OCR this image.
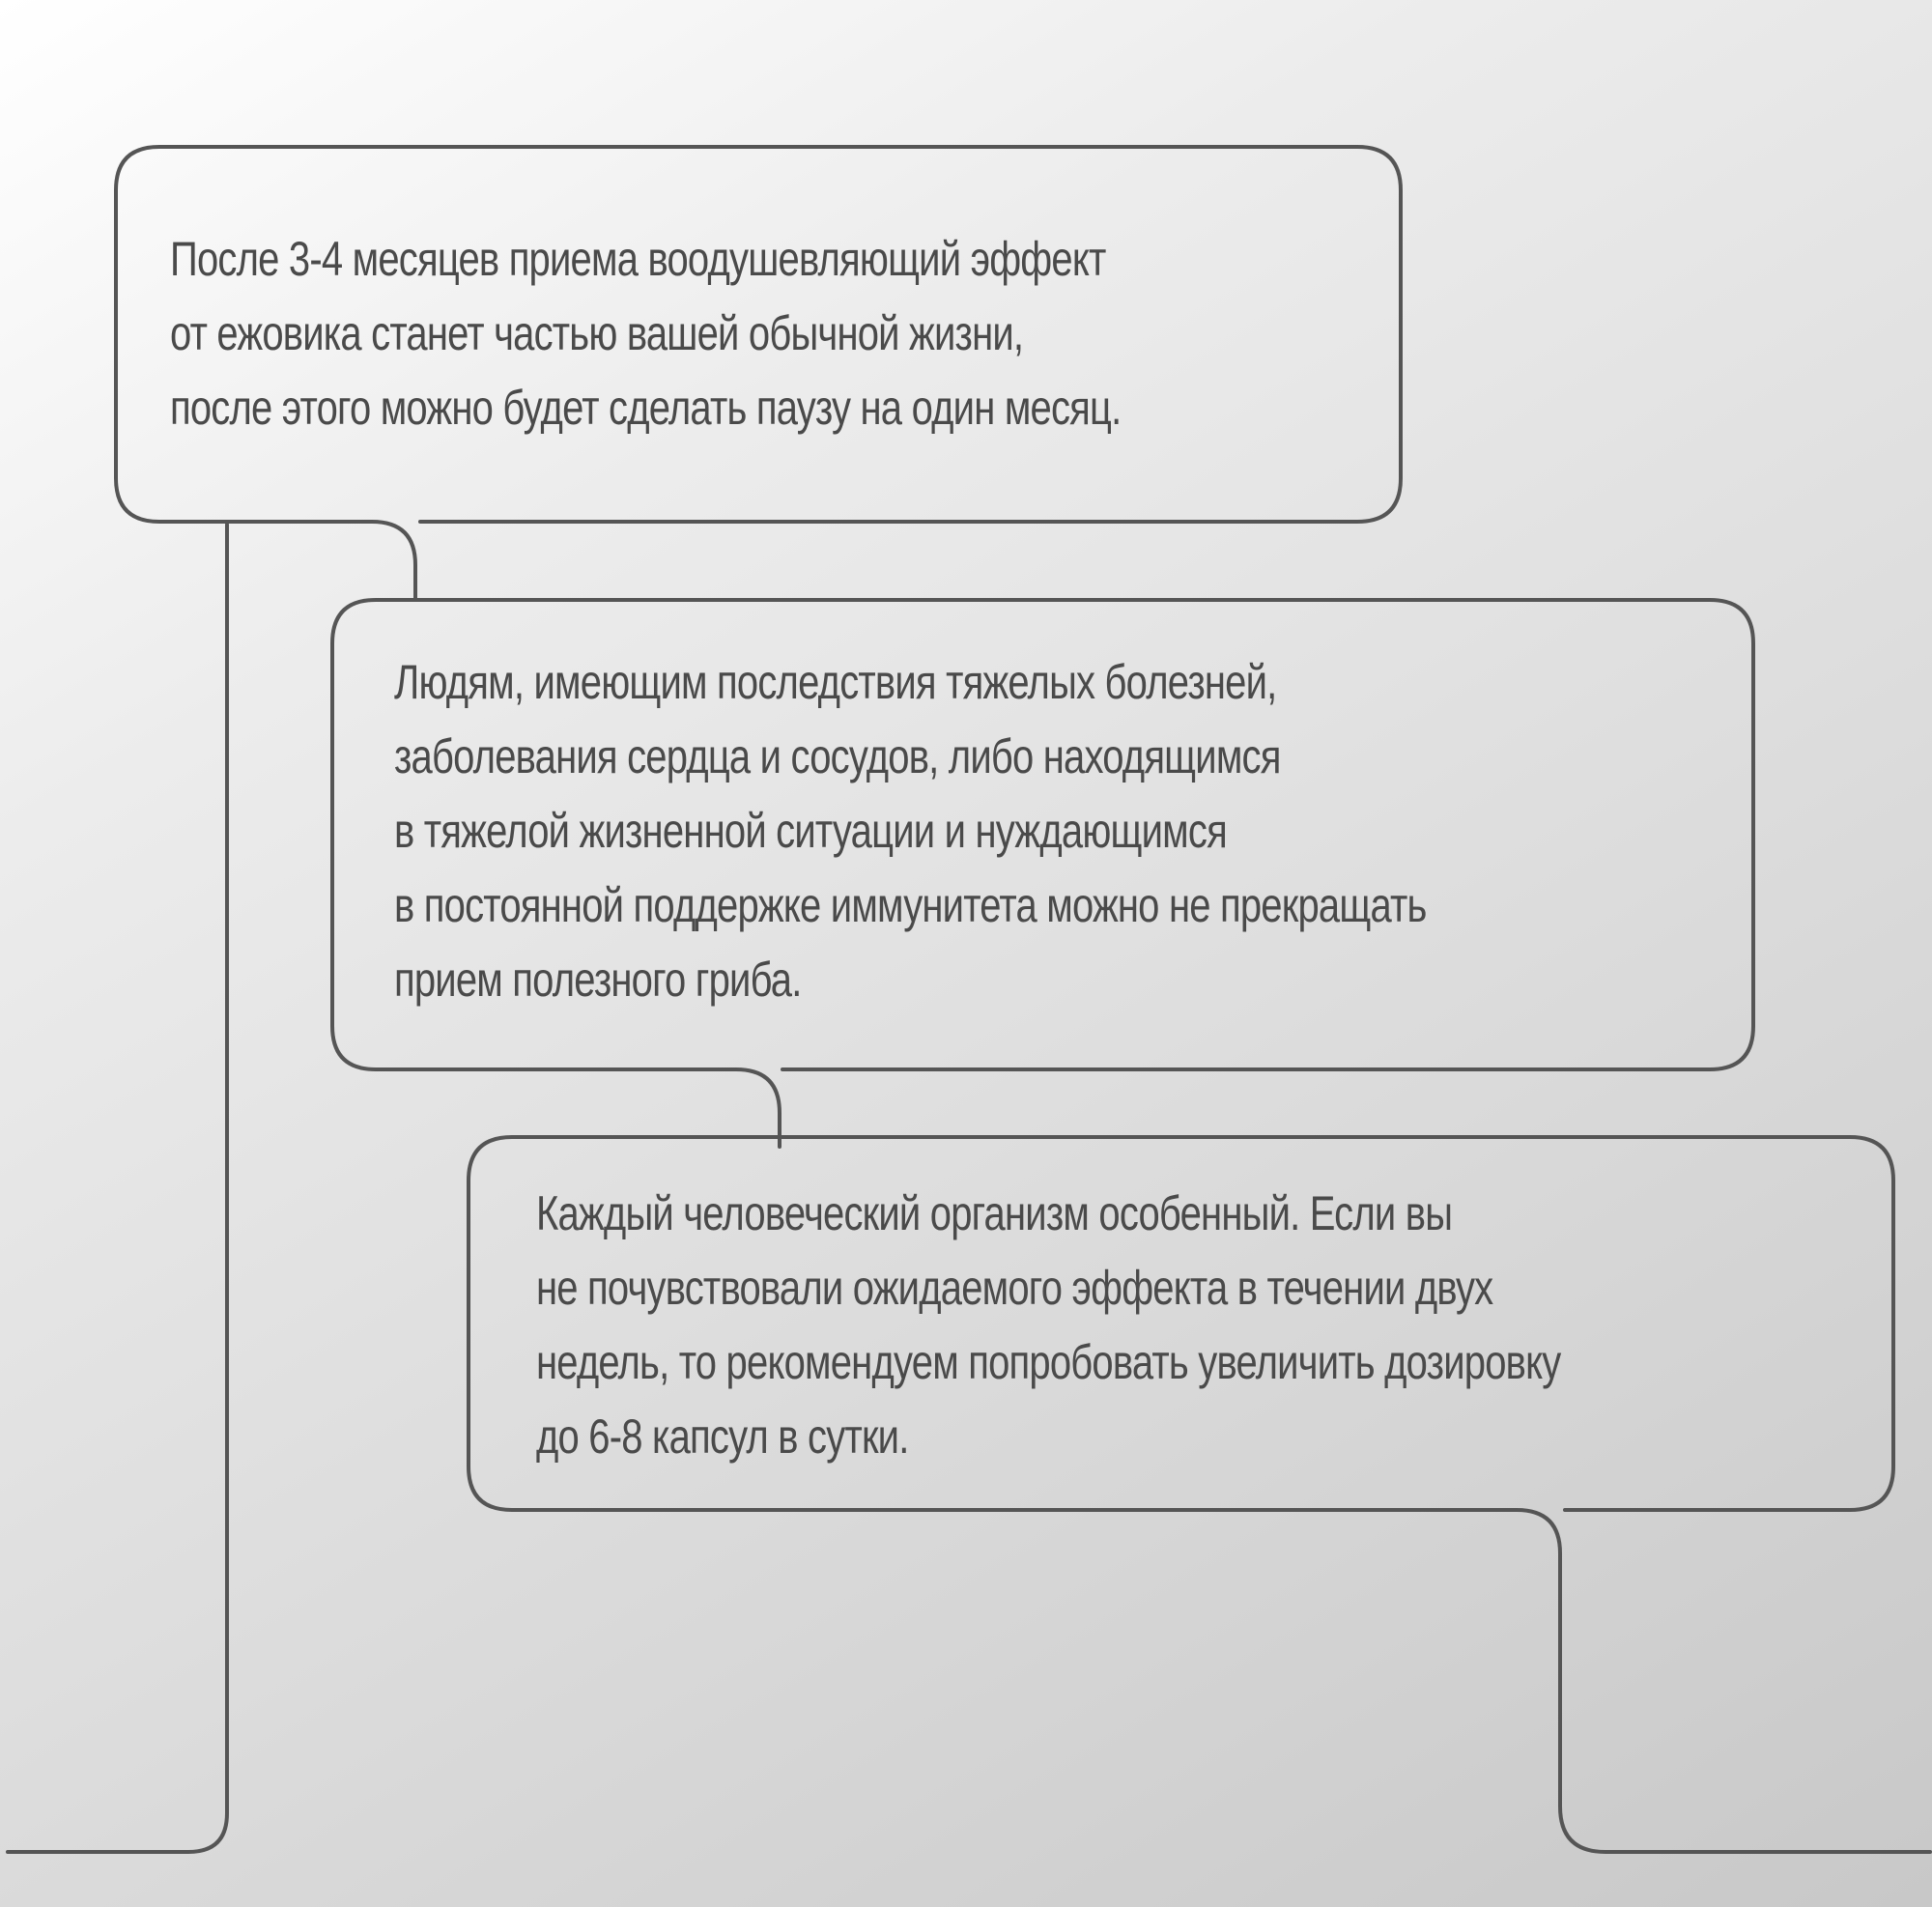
После 3-4 месяцев приема воодушевляющий эффект
от ежовика станет частью вашей обычной жизни,
после этого можно будет сделать паузу на один месяц.
Людям, имеющим последствия тяжелых болезней,
заболевания сердца и сосудов, либо находящимся
в тяжелой жизненной ситуации и нуждающимся
в постоянной поддержке иммунитета можно не прекращать
прием полезного гриба.
Каждый человеческий организм особенный. Если вы
не почувствовали ожидаемого эффекта в течении двух
недель, то рекомендуем попробовать увеличить дозировку
до 6-8 капсул в сутки.
